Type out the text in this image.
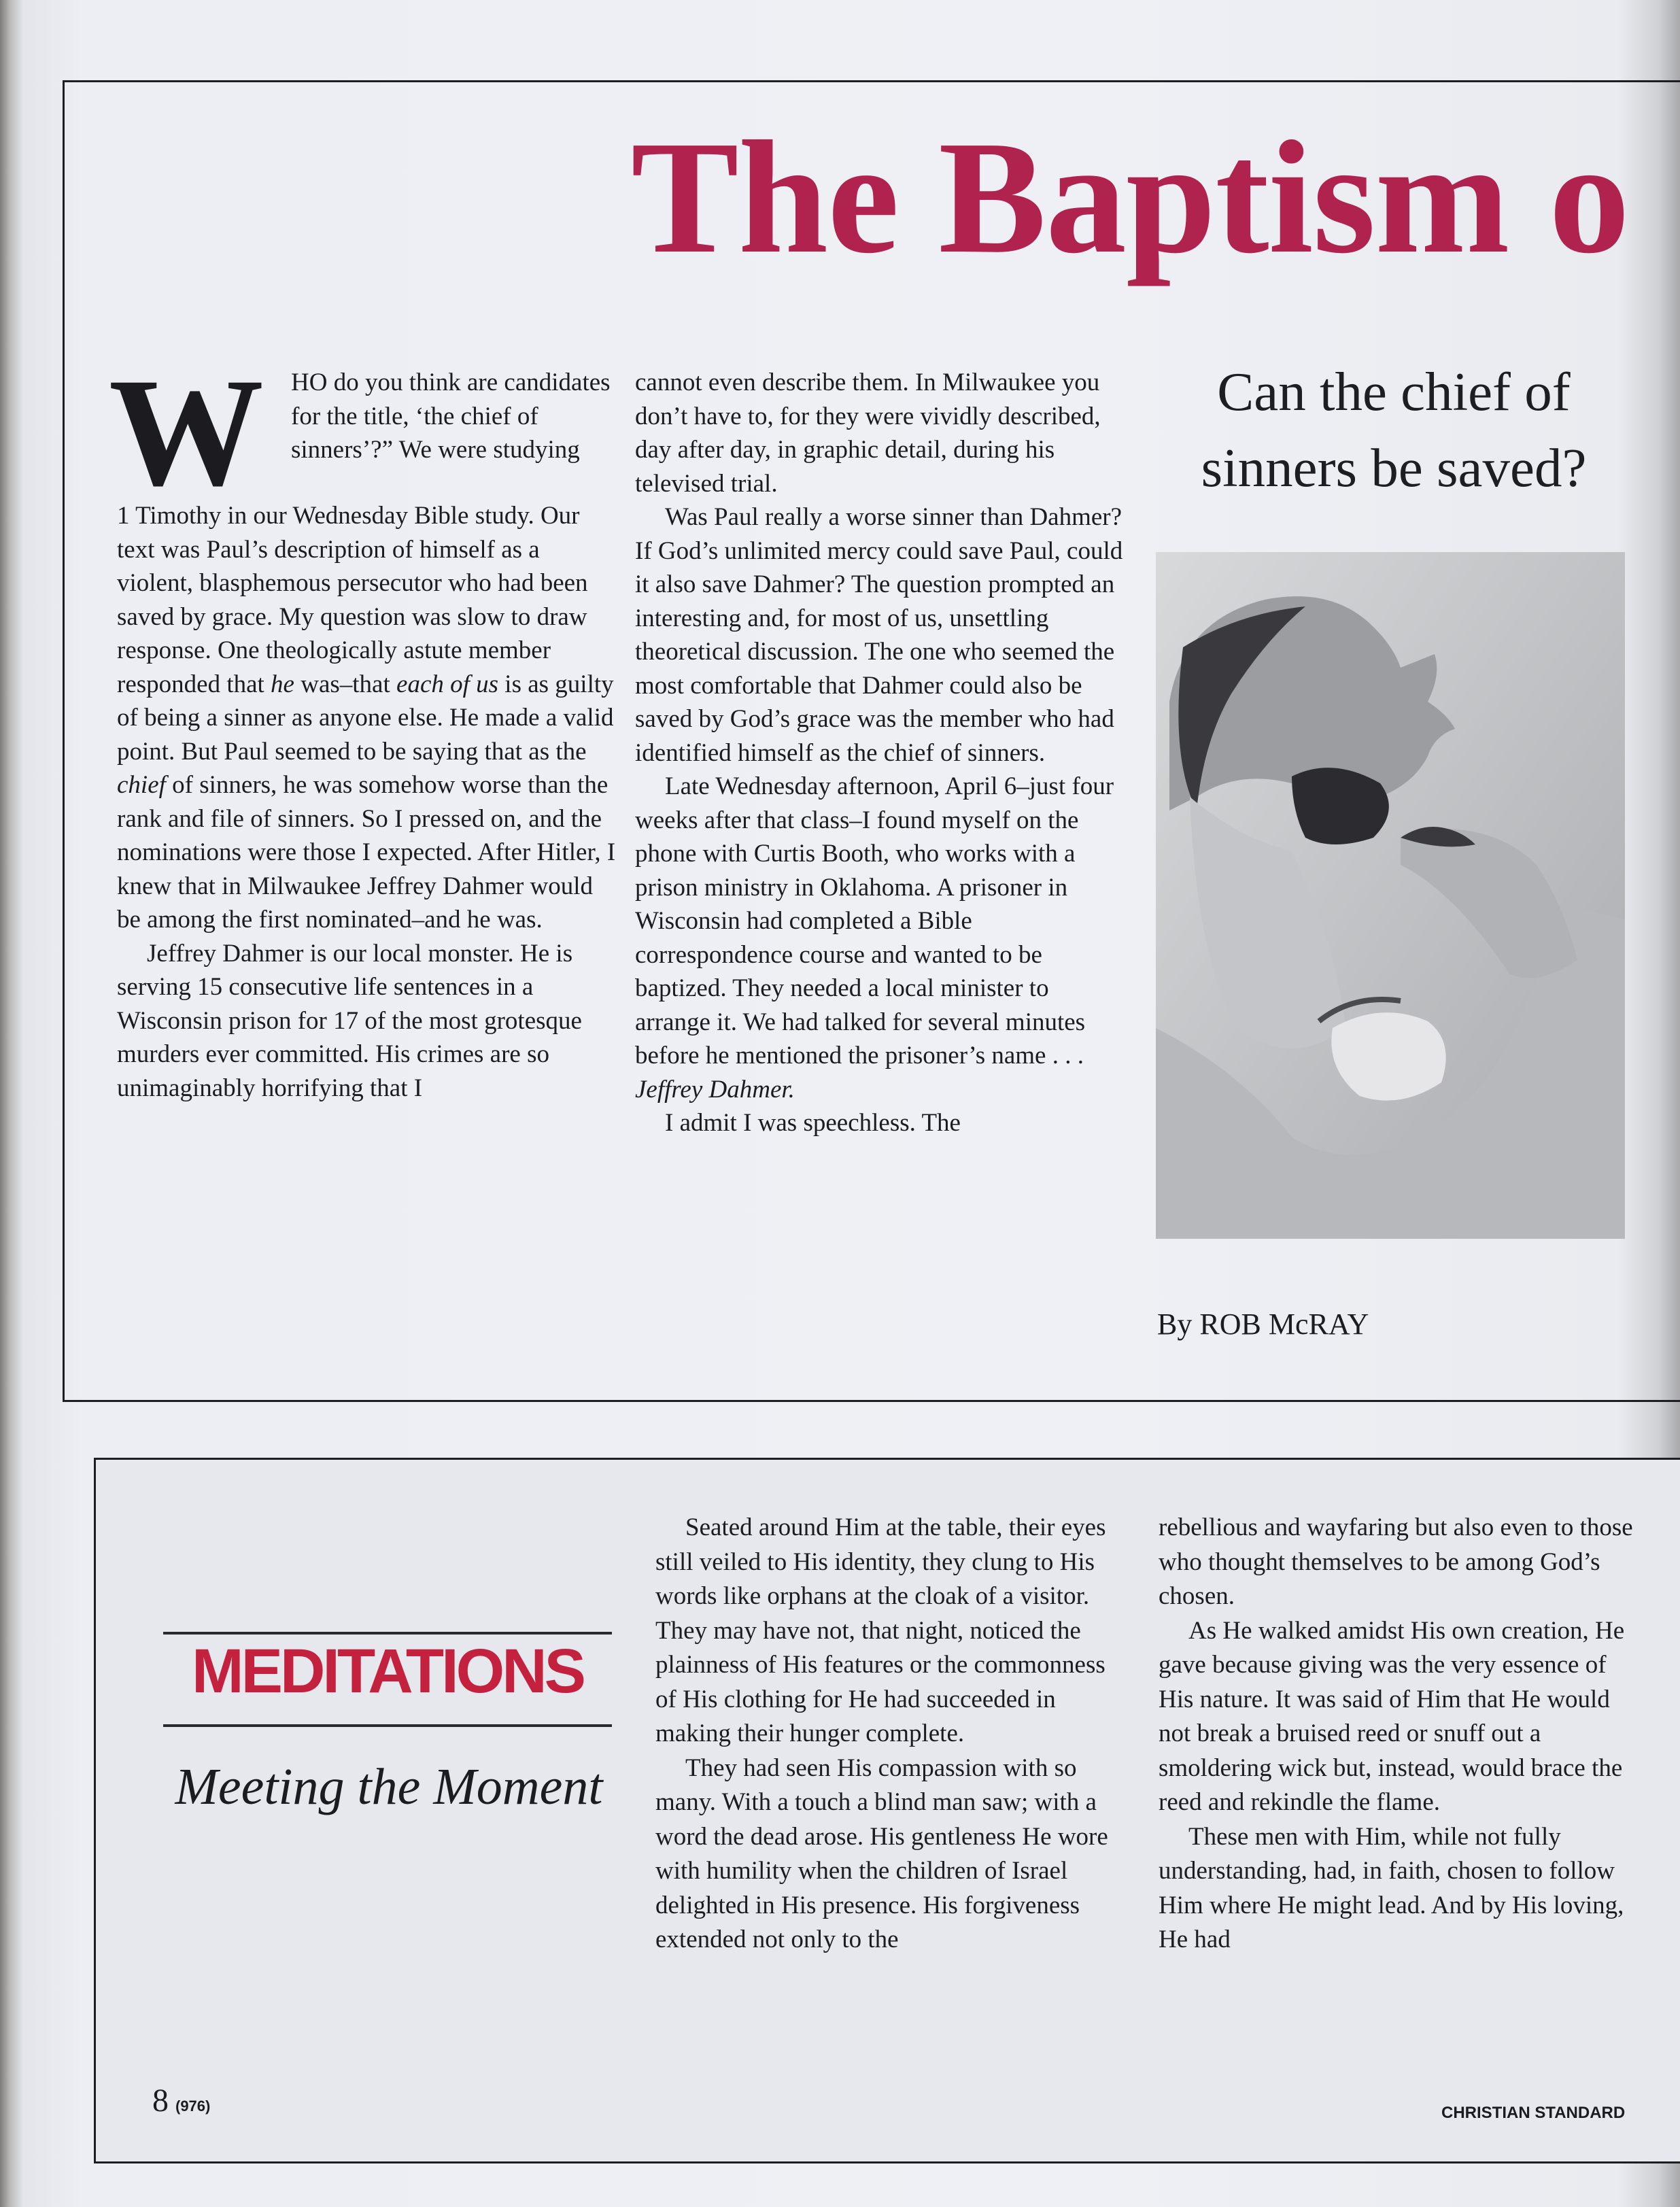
The Baptism o
W HO do you think are candidates for the title, ‘the chief of sinners’?” We were studying

1 Timothy in our Wednesday Bible study. Our text was Paul’s description of himself as a violent, blasphemous persecutor who had been saved by grace. My question was slow to draw response. One theologically astute member responded that he was–that each of us is as guilty of being a sinner as anyone else. He made a valid point. But Paul seemed to be saying that as the chief of sinners, he was somehow worse than the rank and file of sinners. So I pressed on, and the nominations were those I expected. After Hitler, I knew that in Milwaukee Jeffrey Dahmer would be among the first nominated–and he was.

Jeffrey Dahmer is our local monster. He is serving 15 consecutive life sentences in a Wisconsin prison for 17 of the most grotesque murders ever committed. His crimes are so unimaginably horrifying that I

cannot even describe them. In Milwaukee you don’t have to, for they were vividly described, day after day, in graphic detail, during his televised trial.

Was Paul really a worse sinner than Dahmer? If God’s unlimited mercy could save Paul, could it also save Dahmer? The question prompted an interesting and, for most of us, unsettling theoretical discussion. The one who seemed the most comfortable that Dahmer could also be saved by God’s grace was the member who had identified himself as the chief of sinners.

Late Wednesday afternoon, April 6–just four weeks after that class–I found myself on the phone with Curtis Booth, who works with a prison ministry in Oklahoma. A prisoner in Wisconsin had completed a Bible correspondence course and wanted to be baptized. They needed a local minister to arrange it. We had talked for several minutes before he mentioned the prisoner’s name . . . Jeffrey Dahmer.

I admit I was speechless. The

Can the chief of sinners be saved?

By ROB McRAY

MEDITATIONS
Meeting the Moment

Seated around Him at the table, their eyes still veiled to His identity, they clung to His words like orphans at the cloak of a visitor. They may have not, that night, noticed the plainness of His features or the commonness of His clothing for He had succeeded in making their hunger complete.

They had seen His compassion with so many. With a touch a blind man saw; with a word the dead arose. His gentleness He wore with humility when the children of Israel delighted in His presence. His forgiveness extended not only to the

rebellious and wayfaring but also even to those who thought themselves to be among God’s chosen.

As He walked amidst His own creation, He gave because giving was the very essence of His nature. It was said of Him that He would not break a bruised reed or snuff out a smoldering wick but, instead, would brace the reed and rekindle the flame.

These men with Him, while not fully understanding, had, in faith, chosen to follow Him where He might lead. And by His loving, He had

8 (976)	CHRISTIAN STANDARD
